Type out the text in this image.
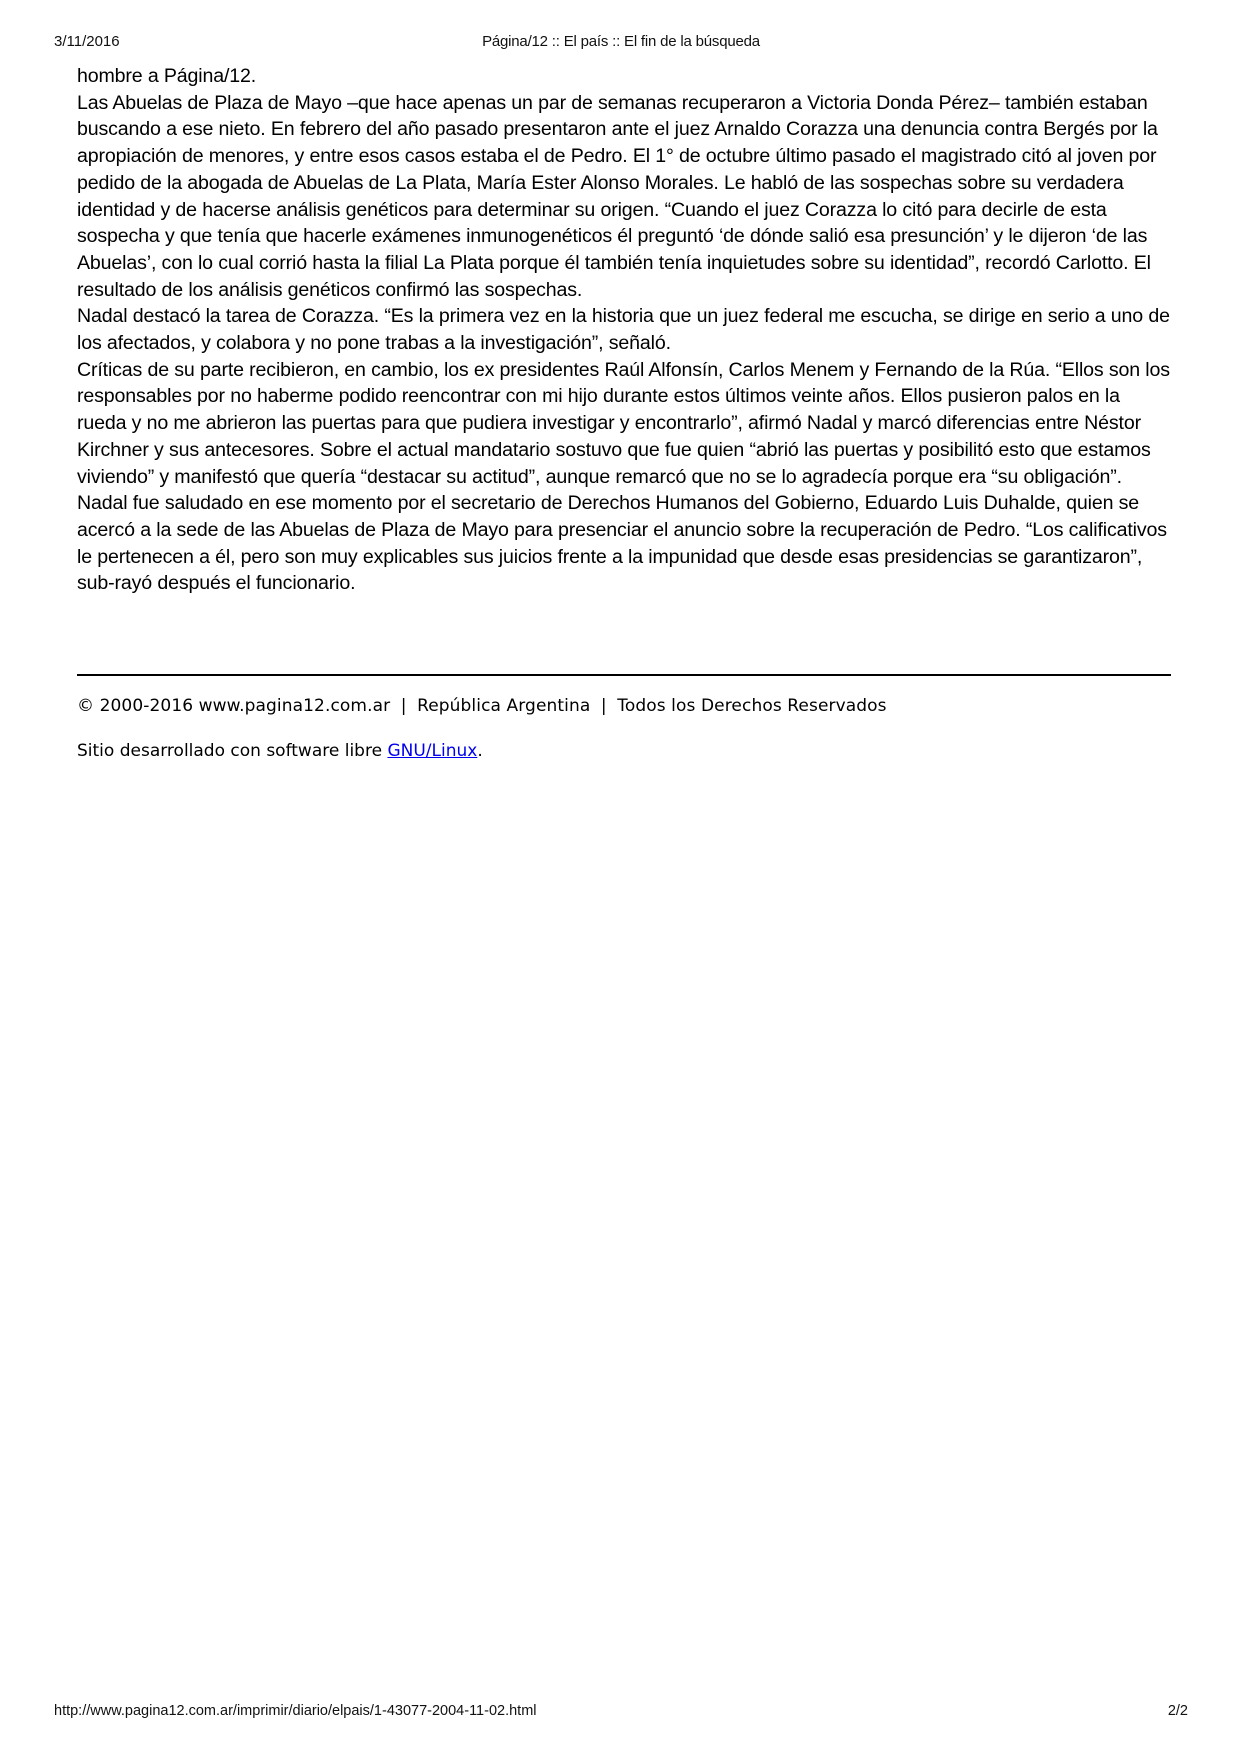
3/11/2016	Página/12 :: El país :: El fin de la búsqueda

hombre a Página/12.

Las Abuelas de Plaza de Mayo –que hace apenas un par de semanas recuperaron a Victoria Donda Pérez– también estaban buscando a ese nieto. En febrero del año pasado presentaron ante el juez Arnaldo Corazza una denuncia contra Bergés por la apropiación de menores, y entre esos casos estaba el de Pedro. El 1° de octubre último pasado el magistrado citó al joven por pedido de la abogada de Abuelas de La Plata, María Ester Alonso Morales. Le habló de las sospechas sobre su verdadera identidad y de hacerse análisis genéticos para determinar su origen. “Cuando el juez Corazza lo citó para decirle de esta sospecha y que tenía que hacerle exámenes inmunogenéticos él preguntó ‘de dónde salió esa presunción’ y le dijeron ‘de las Abuelas’, con lo cual corrió hasta la filial La Plata porque él también tenía inquietudes sobre su identidad”, recordó Carlotto. El resultado de los análisis genéticos confirmó las sospechas.

Nadal destacó la tarea de Corazza. “Es la primera vez en la historia que un juez federal me escucha, se dirige en serio a uno de los afectados, y colabora y no pone trabas a la investigación”, señaló.

Críticas de su parte recibieron, en cambio, los ex presidentes Raúl Alfonsín, Carlos Menem y Fernando de la Rúa. “Ellos son los responsables por no haberme podido reencontrar con mi hijo durante estos últimos veinte años. Ellos pusieron palos en la rueda y no me abrieron las puertas para que pudiera investigar y encontrarlo”, afirmó Nadal y marcó diferencias entre Néstor Kirchner y sus antecesores. Sobre el actual mandatario sostuvo que fue quien “abrió las puertas y posibilitó esto que estamos viviendo” y manifestó que quería “destacar su actitud”, aunque remarcó que no se lo agradecía porque era “su obligación”.

Nadal fue saludado en ese momento por el secretario de Derechos Humanos del Gobierno, Eduardo Luis Duhalde, quien se acercó a la sede de las Abuelas de Plaza de Mayo para presenciar el anuncio sobre la recuperación de Pedro. “Los calificativos le pertenecen a él, pero son muy explicables sus juicios frente a la impunidad que desde esas presidencias se garantizaron”, sub-rayó después el funcionario.

© 2000-2016 www.pagina12.com.ar | República Argentina | Todos los Derechos Reservados
Sitio desarrollado con software libre GNU/Linux.
http://www.pagina12.com.ar/imprimir/diario/elpais/1-43077-2004-11-02.html	2/2
